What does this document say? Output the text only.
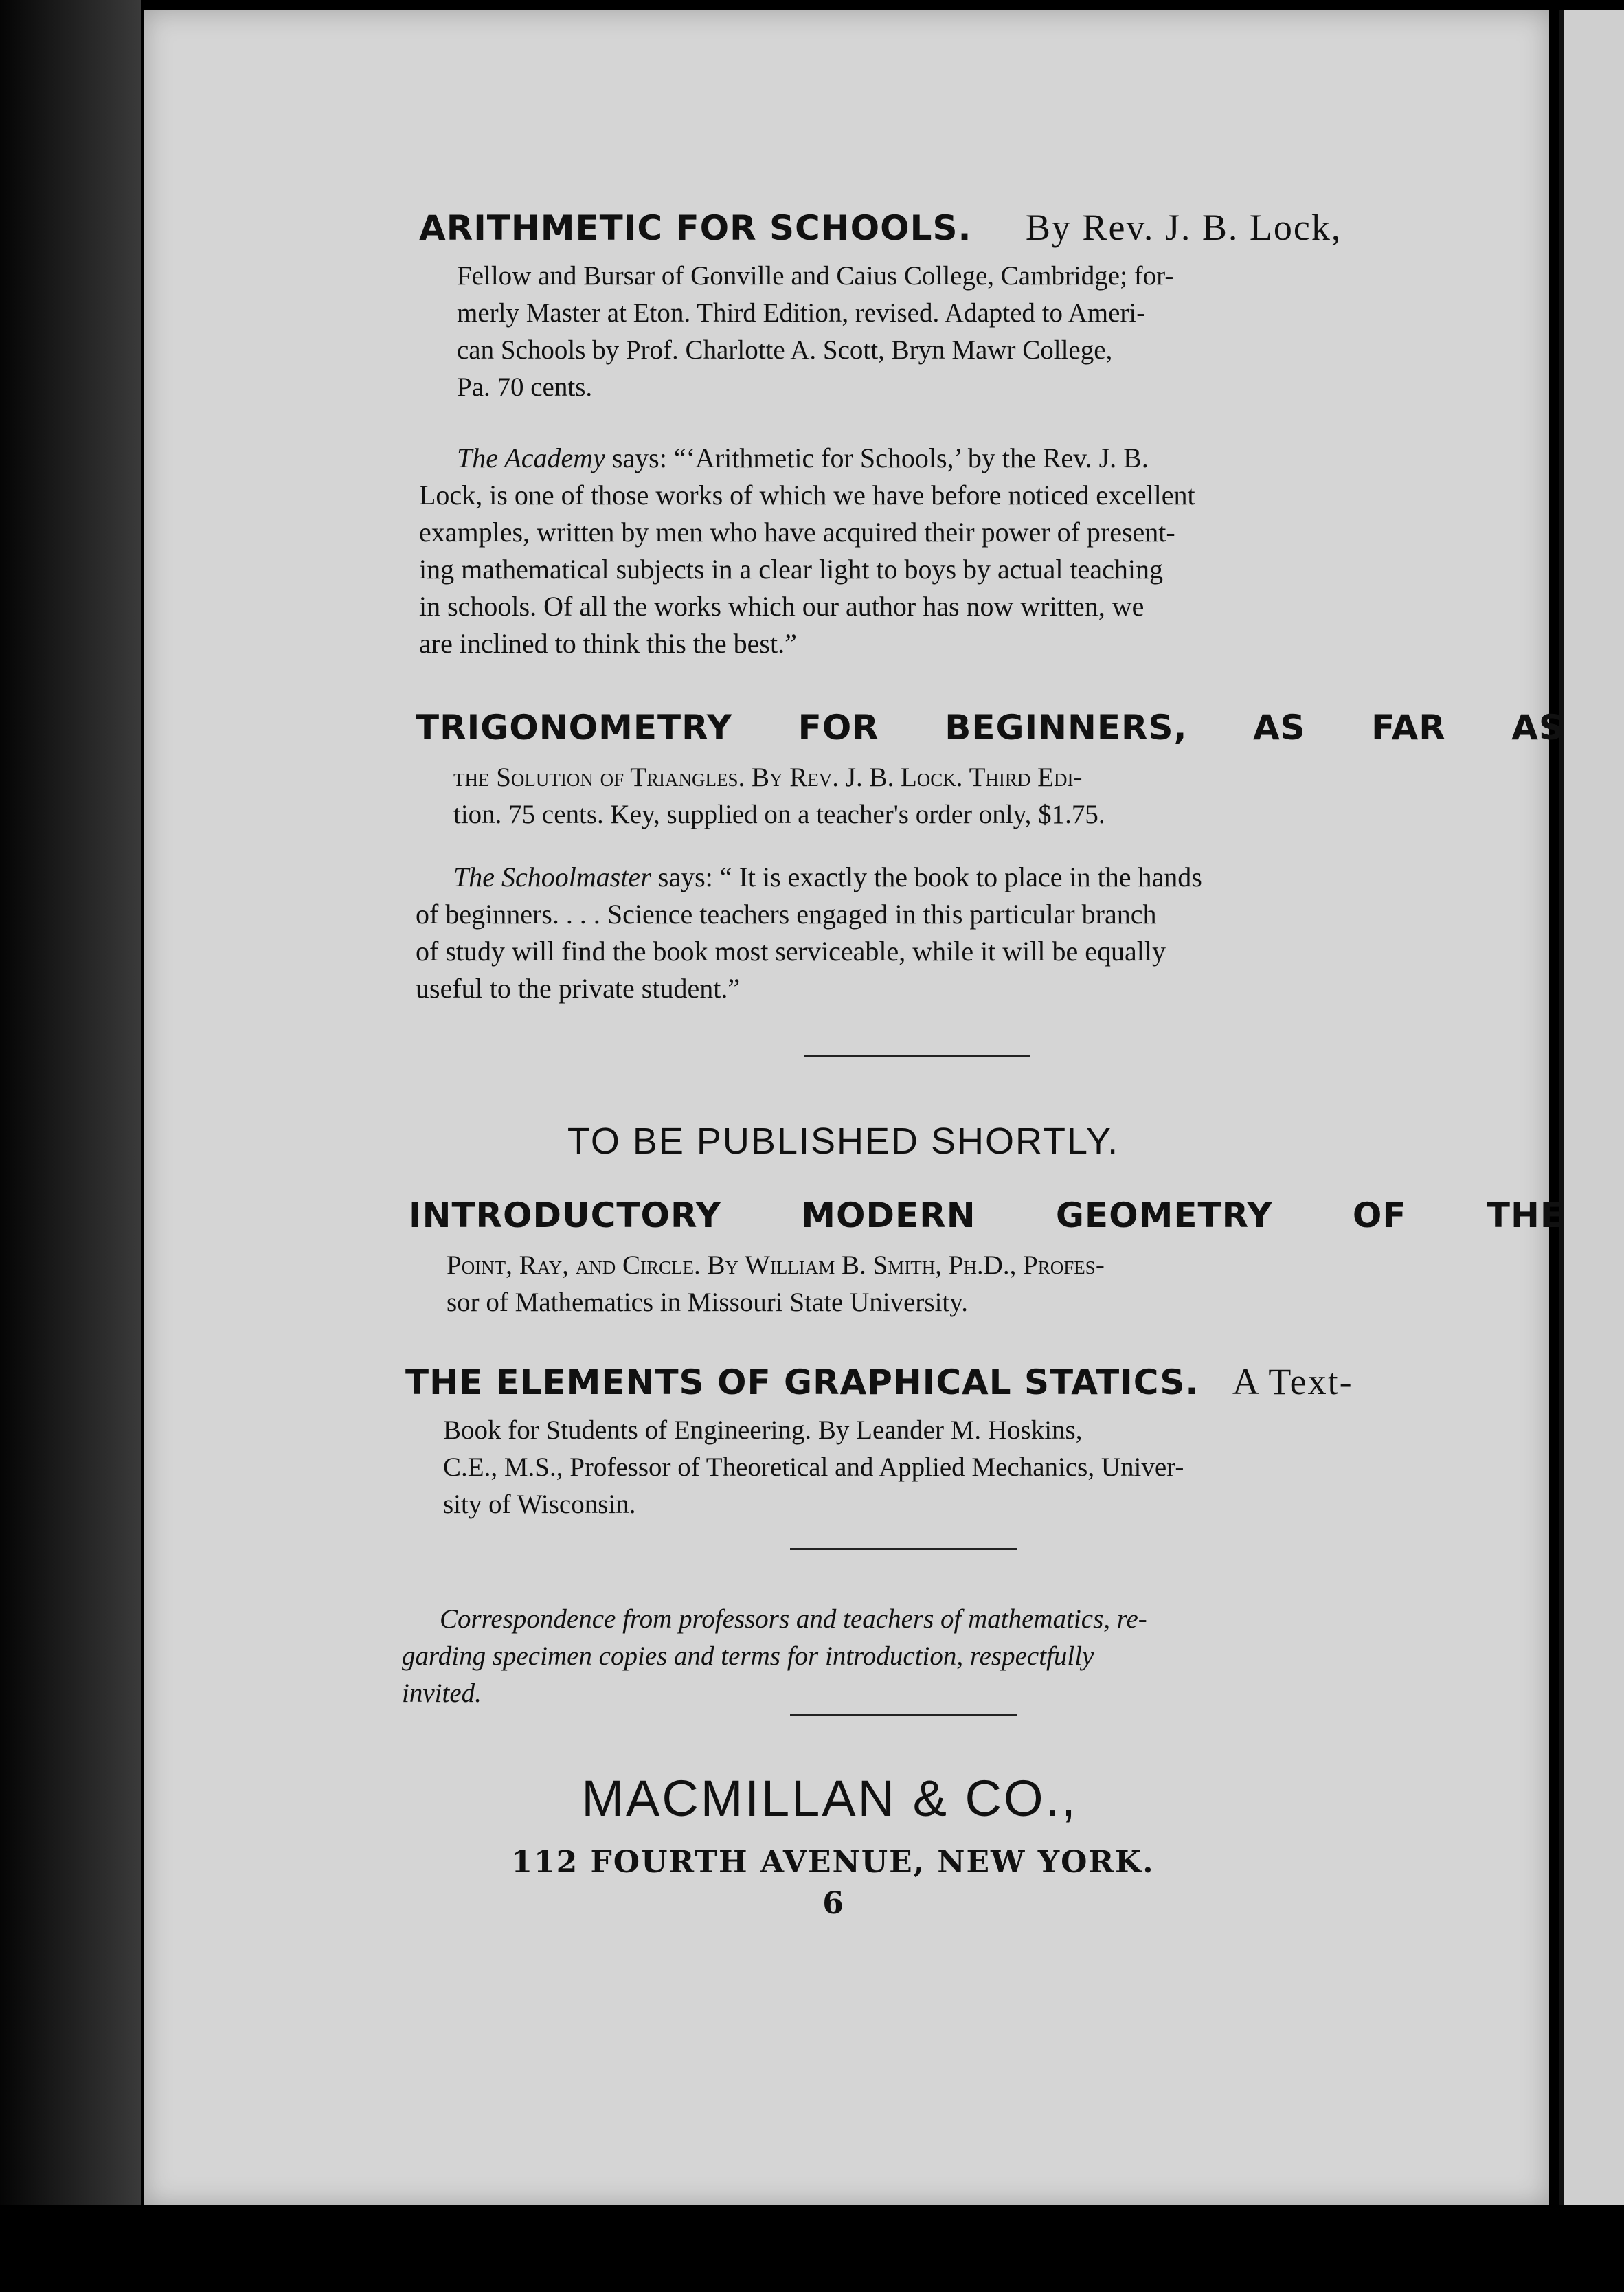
ARITHMETIC FOR SCHOOLS. By Rev. J. B. Lock,
Fellow and Bursar of Gonville and Caius College, Cambridge; for-
merly Master at Eton. Third Edition, revised. Adapted to Ameri-
can Schools by Prof. Charlotte A. Scott, Bryn Mawr College,
Pa. 70 cents.
The Academy says: “‘Arithmetic for Schools,’ by the Rev. J. B.
Lock, is one of those works of which we have before noticed excellent
examples, written by men who have acquired their power of present-
ing mathematical subjects in a clear light to boys by actual teaching
in schools. Of all the works which our author has now written, we
are inclined to think this the best.”
TRIGONOMETRY FOR BEGINNERS, AS FAR AS
the Solution of Triangles. By Rev. J. B. Lock. Third Edi-
tion. 75 cents. Key, supplied on a teacher's order only, $1.75.
The Schoolmaster says: “ It is exactly the book to place in the hands
of beginners. . . . Science teachers engaged in this particular branch
of study will find the book most serviceable, while it will be equally
useful to the private student.”
TO BE PUBLISHED SHORTLY.
INTRODUCTORY MODERN GEOMETRY OF THE
Point, Ray, and Circle. By William B. Smith, Ph.D., Profes-
sor of Mathematics in Missouri State University.
THE ELEMENTS OF GRAPHICAL STATICS. A Text-
Book for Students of Engineering. By Leander M. Hoskins,
C.E., M.S., Professor of Theoretical and Applied Mechanics, Univer-
sity of Wisconsin.
Correspondence from professors and teachers of mathematics, re-
garding specimen copies and terms for introduction, respectfully
invited.
MACMILLAN & CO.,
112 FOURTH AVENUE, NEW YORK.
6
